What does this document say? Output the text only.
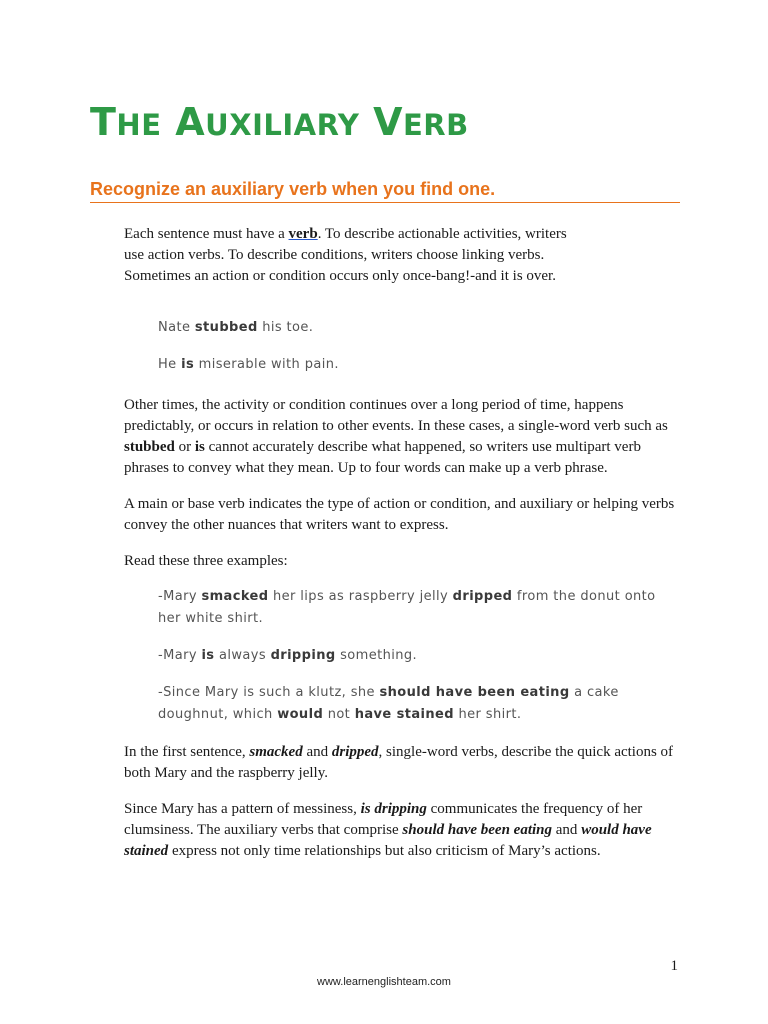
THE AUXILIARY VERB
Recognize an auxiliary verb when you find one.

Each sentence must have a verb. To describe actionable activities, writers
use action verbs. To describe conditions, writers choose linking verbs.
Sometimes an action or condition occurs only once-bang!-and it is over.

Nate stubbed his toe.

He is miserable with pain.

Other times, the activity or condition continues over a long period of time, happens predictably, or occurs in relation to other events. In these cases, a single-word verb such as stubbed or is cannot accurately describe what happened, so writers use multipart verb phrases to convey what they mean. Up to four words can make up a verb phrase.

A main or base verb indicates the type of action or condition, and auxiliary or helping verbs convey the other nuances that writers want to express.

Read these three examples:

-Mary smacked her lips as raspberry jelly dripped from the donut onto her white shirt.

-Mary is always dripping something.

-Since Mary is such a klutz, she should have been eating a cake doughnut, which would not have stained her shirt.

In the first sentence, smacked and dripped, single-word verbs, describe the quick actions of both Mary and the raspberry jelly.

Since Mary has a pattern of messiness, is dripping communicates the frequency of her clumsiness. The auxiliary verbs that comprise should have been eating and would have stained express not only time relationships but also criticism of Mary’s actions.

1
www.learnenglishteam.com
